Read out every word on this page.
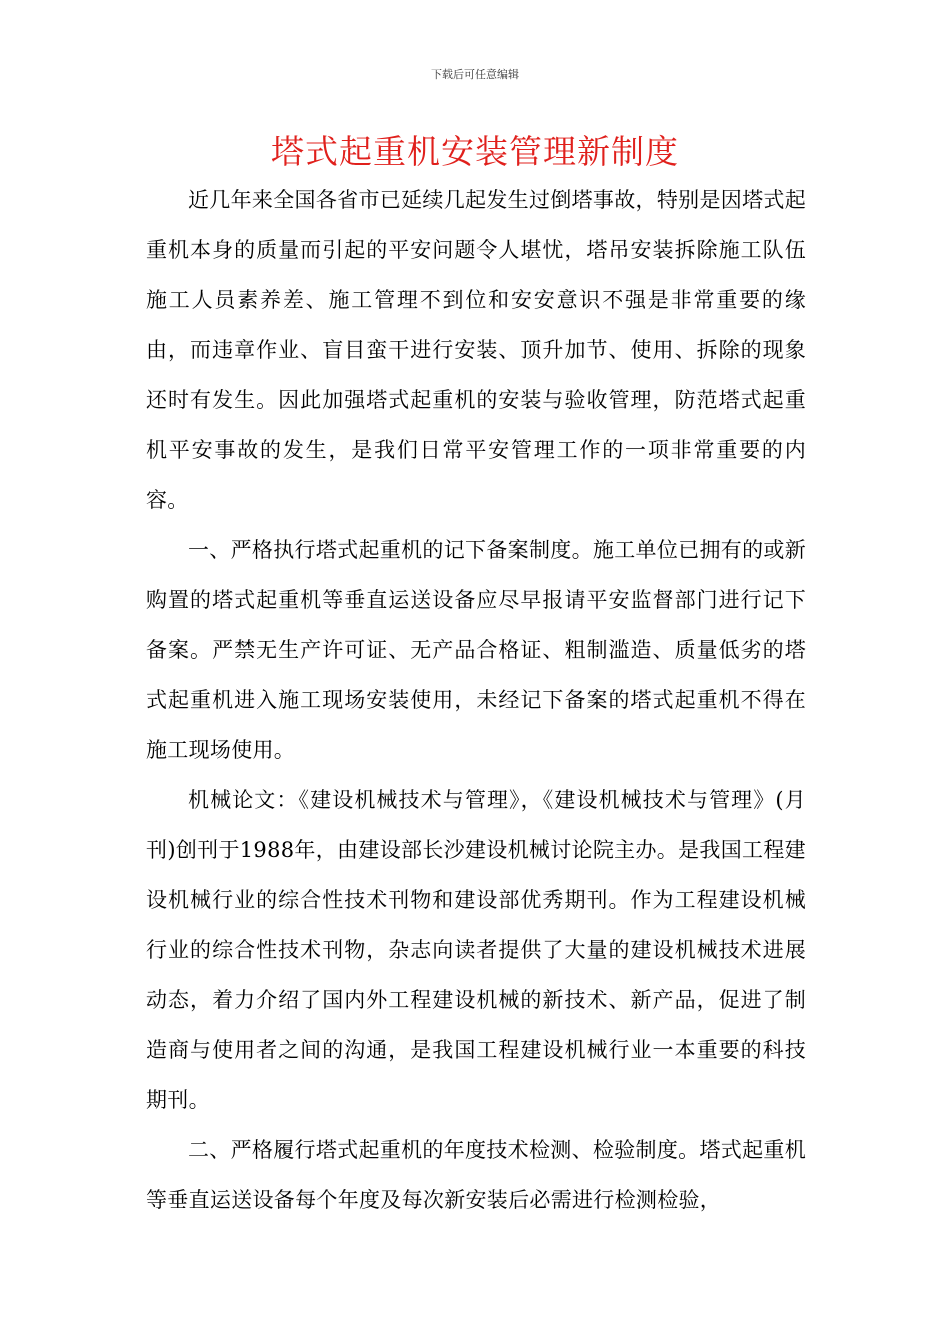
下载后可任意编辑
塔式起重机安装管理新制度

近几年来全国各省市已延续几起发生过倒塔事故，特别是因塔式起重机本身的质量而引起的平安问题令人堪忧，塔吊安装拆除施工队伍施工人员素养差、施工管理不到位和安安意识不强是非常重要的缘由，而违章作业、盲目蛮干进行安装、顶升加节、使用、拆除的现象还时有发生。因此加强塔式起重机的安装与验收管理，防范塔式起重机平安事故的发生，是我们日常平安管理工作的一项非常重要的内容。

一、严格执行塔式起重机的记下备案制度。施工单位已拥有的或新购置的塔式起重机等垂直运送设备应尽早报请平安监督部门进行记下备案。严禁无生产许可证、无产品合格证、粗制滥造、质量低劣的塔式起重机进入施工现场安装使用，未经记下备案的塔式起重机不得在施工现场使用。

机械论文：《建设机械技术与管理》，《建设机械技术与管理》(月刊)创刊于1988年，由建设部长沙建设机械讨论院主办。是我国工程建设机械行业的综合性技术刊物和建设部优秀期刊。作为工程建设机械行业的综合性技术刊物，杂志向读者提供了大量的建设机械技术进展动态，着力介绍了国内外工程建设机械的新技术、新产品，促进了制造商与使用者之间的沟通，是我国工程建设机械行业一本重要的科技期刊。

二、严格履行塔式起重机的年度技术检测、检验制度。塔式起重机等垂直运送设备每个年度及每次新安装后必需进行检测检验，
